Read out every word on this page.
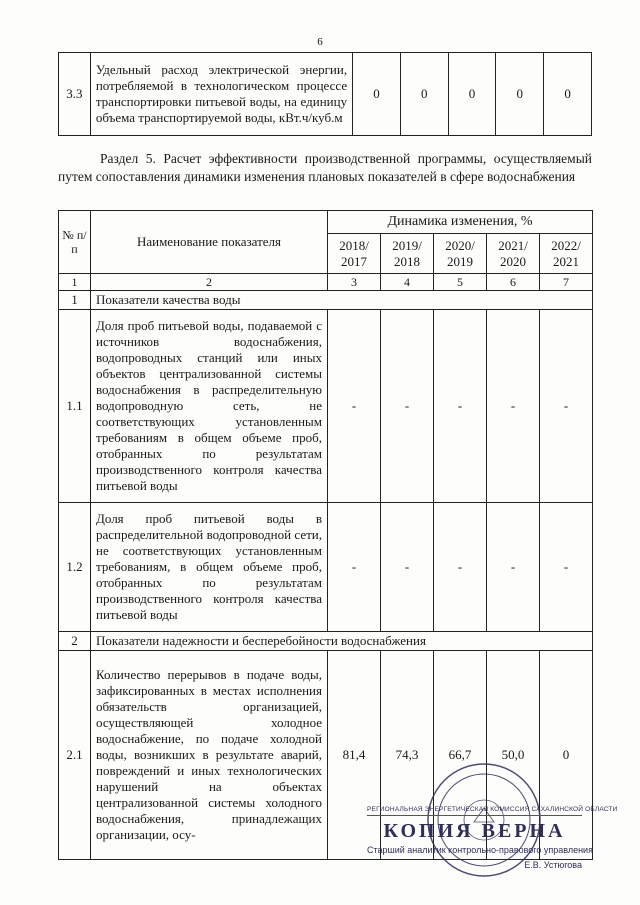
6
3.3	Удельный расход электрической энергии, потребляемой в технологическом процессе транспортировки питьевой воды, на единицу объема транспортируемой воды, кВт.ч/куб.м	0	0	0	0	0
Раздел 5. Расчет эффективности производственной программы, осуществляемый путем сопоставления динамики изменения плановых показателей в сфере водоснабжения
№ п/п	Наименование показателя	Динамика изменения, %				
		2018/ 2017	2019/ 2018	2020/ 2019	2021/ 2020	2022/ 2021
1	2	3	4	5	6	7
1	Показатели качества воды					
1.1	Доля проб питьевой воды, подаваемой с источников водоснабжения, водопроводных станций или иных объектов централизованной системы водоснабжения в распределительную водопроводную сеть, не соответствующих установленным требованиям в общем объеме проб, отобранных по результатам производственного контроля качества питьевой воды	-	-	-	-	-
1.2	Доля проб питьевой воды в распределительной водопроводной сети, не соответствующих установленным требованиям, в общем объеме проб, отобранных по результатам производственного контроля качества питьевой воды	-	-	-	-	-
2	Показатели надежности и бесперебойности водоснабжения					
2.1	Количество перерывов в подаче воды, зафиксированных в местах исполнения обязательств организацией, осуществляющей холодное водоснабжение, по подаче холодной воды, возникших в результате аварий, повреждений и иных технологических нарушений на объектах централизованной системы холодного водоснабжения, принадлежащих организации, осу-	81,4	74,3	66,7	50,0	0
РЕГИОНАЛЬНАЯ ЭНЕРГЕТИЧЕСКАЯ КОМИССИЯ САХАЛИНСКОЙ ОБЛАСТИ
КОПИЯ ВЕРНА
Старший аналитик контрольно-правового управления
Е.В. Устюгова
